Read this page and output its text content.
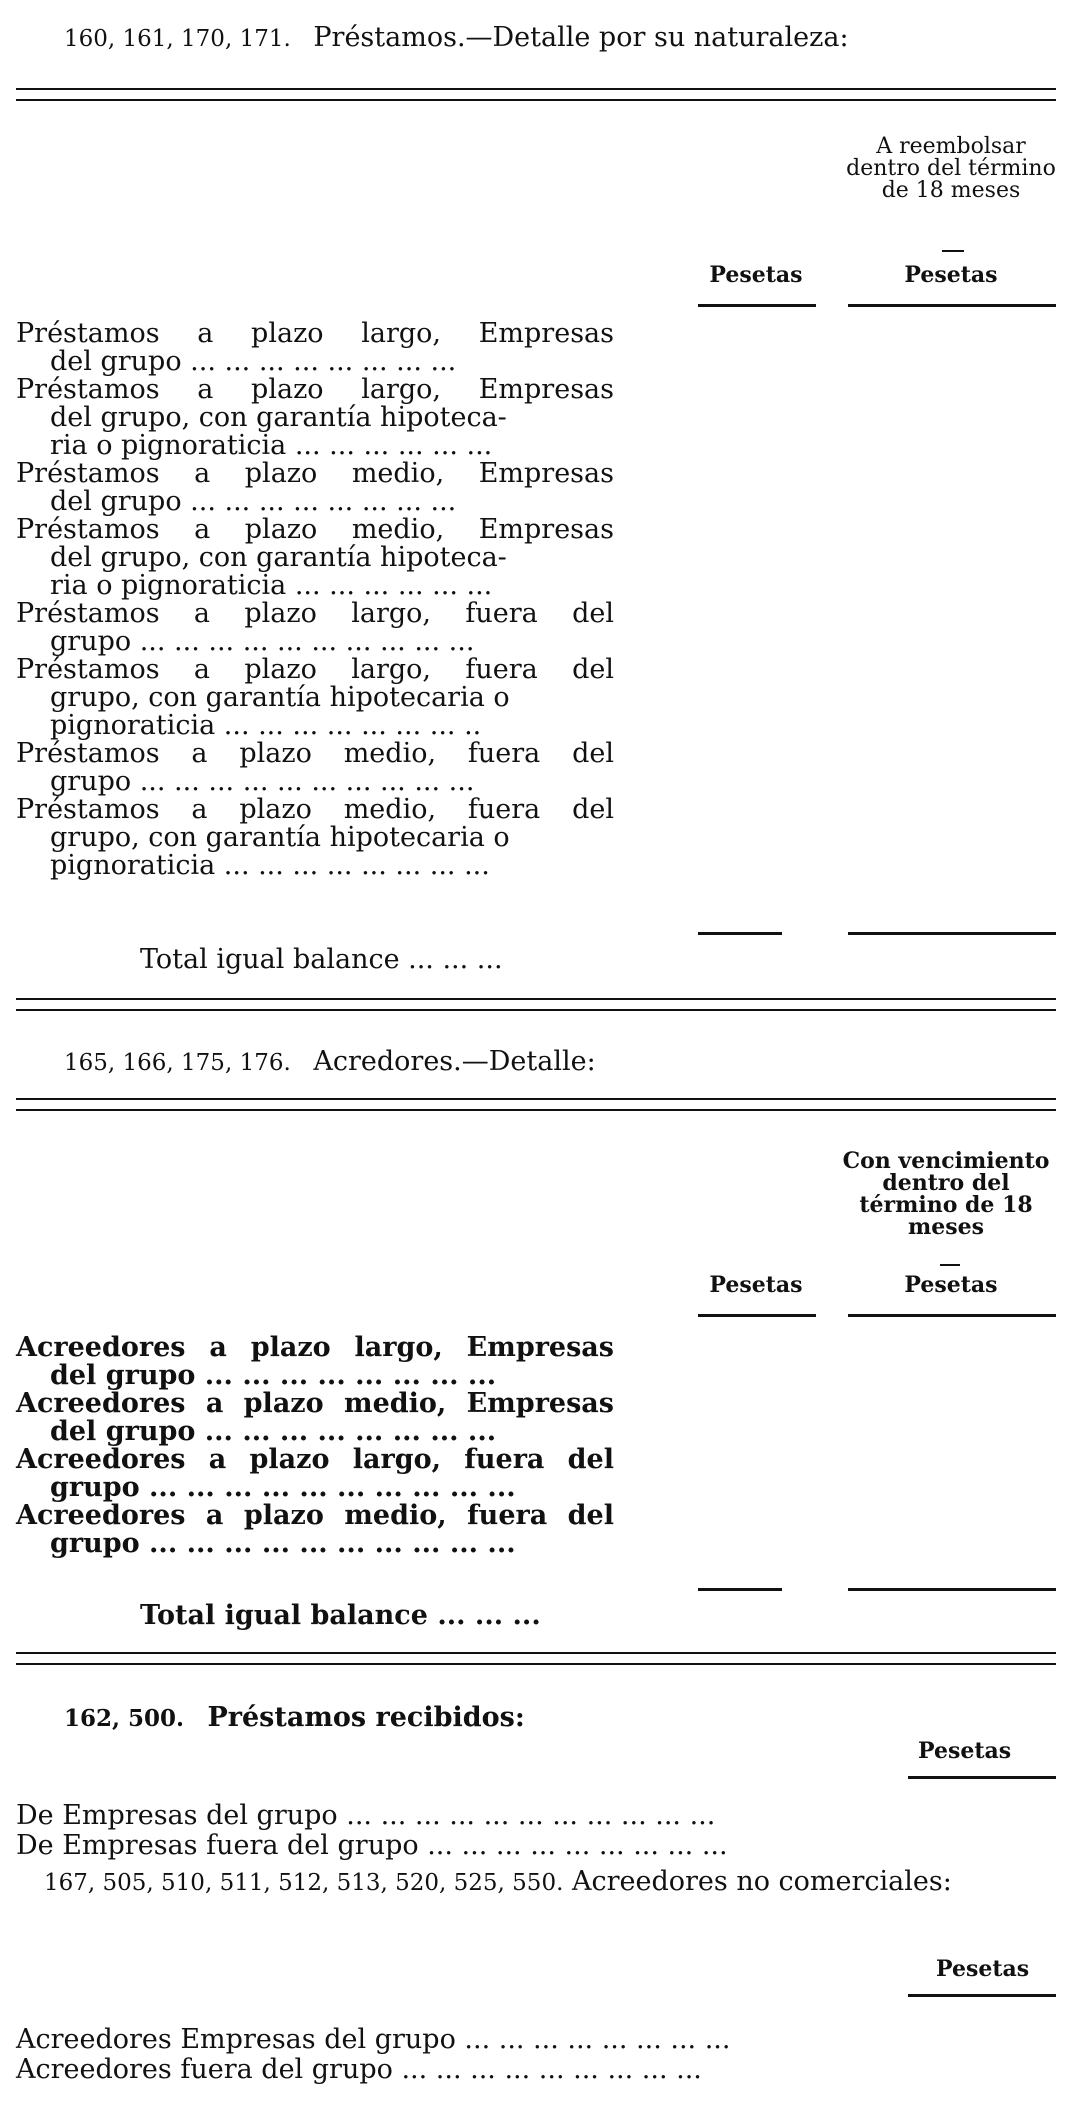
160, 161, 170, 171. Préstamos.—Detalle por su naturaleza:
A reembolsar dentro del término de 18 meses
Pesetas	Pesetas
Préstamos a plazo largo, Empresas
del grupo ... ... ... ... ... ... ... ...
Préstamos a plazo largo, Empresas
del grupo, con garantía hipoteca-
ria o pignoraticia ... ... ... ... ... ...
Préstamos a plazo medio, Empresas
del grupo ... ... ... ... ... ... ... ...
Préstamos a plazo medio, Empresas
del grupo, con garantía hipoteca-
ria o pignoraticia ... ... ... ... ... ...
Préstamos a plazo largo, fuera del
grupo ... ... ... ... ... ... ... ... ... ...
Préstamos a plazo largo, fuera del
grupo, con garantía hipotecaria o
pignoraticia ... ... ... ... ... ... ... ..
Préstamos a plazo medio, fuera del
grupo ... ... ... ... ... ... ... ... ... ...
Préstamos a plazo medio, fuera del
grupo, con garantía hipotecaria o
pignoraticia ... ... ... ... ... ... ... ...
Total igual balance ... ... ...
165, 166, 175, 176. Acredores.—Detalle:
Con vencimiento dentro del término de 18 meses
Pesetas	Pesetas
Acreedores a plazo largo, Empresas
del grupo ... ... ... ... ... ... ... ...
Acreedores a plazo medio, Empresas
del grupo ... ... ... ... ... ... ... ...
Acreedores a plazo largo, fuera del
grupo ... ... ... ... ... ... ... ... ... ...
Acreedores a plazo medio, fuera del
grupo ... ... ... ... ... ... ... ... ... ...
Total igual balance ... ... ...
162, 500. Préstamos recibidos:
Pesetas
De Empresas del grupo ... ... ... ... ... ... ... ... ... ... ...
De Empresas fuera del grupo ... ... ... ... ... ... ... ... ...
167, 505, 510, 511, 512, 513, 520, 525, 550. Acreedores no comerciales:
Pesetas
Acreedores Empresas del grupo ... ... ... ... ... ... ... ...
Acreedores fuera del grupo ... ... ... ... ... ... ... ... ...
